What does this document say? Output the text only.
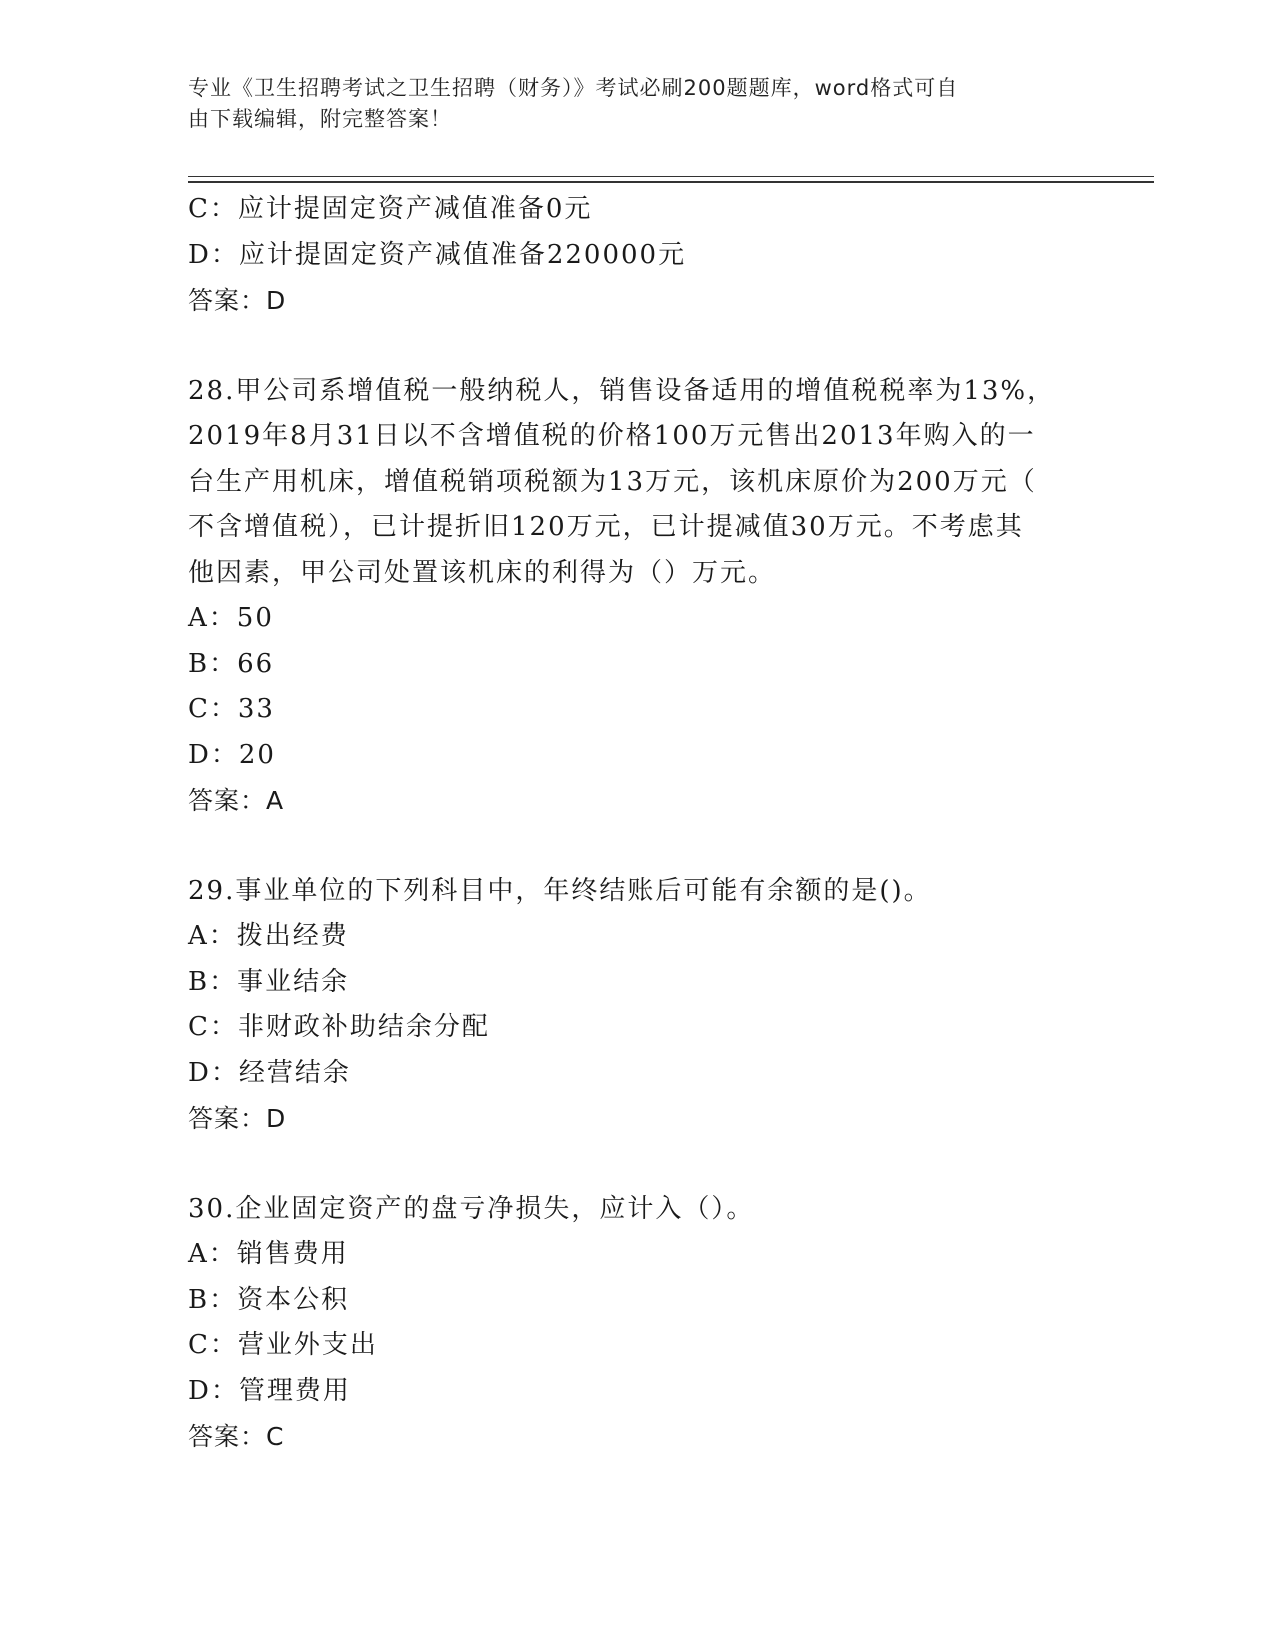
专业《卫生招聘考试之卫生招聘（财务）》考试必刷200题题库，word格式可自
由下载编辑，附完整答案！
C：应计提固定资产减值准备0元
D：应计提固定资产减值准备220000元
答案：D
28.甲公司系增值税一般纳税人，销售设备适用的增值税税率为13%，
2019年8月31日以不含增值税的价格100万元售出2013年购入的一
台生产用机床，增值税销项税额为13万元，该机床原价为200万元（
不含增值税），已计提折旧120万元，已计提减值30万元。不考虑其
他因素，甲公司处置该机床的利得为（）万元。
A：50
B：66
C：33
D：20
答案：A
29.事业单位的下列科目中，年终结账后可能有余额的是()。
A：拨出经费
B：事业结余
C：非财政补助结余分配
D：经营结余
答案：D
30.企业固定资产的盘亏净损失，应计入（）。
A：销售费用
B：资本公积
C：营业外支出
D：管理费用
答案：C
